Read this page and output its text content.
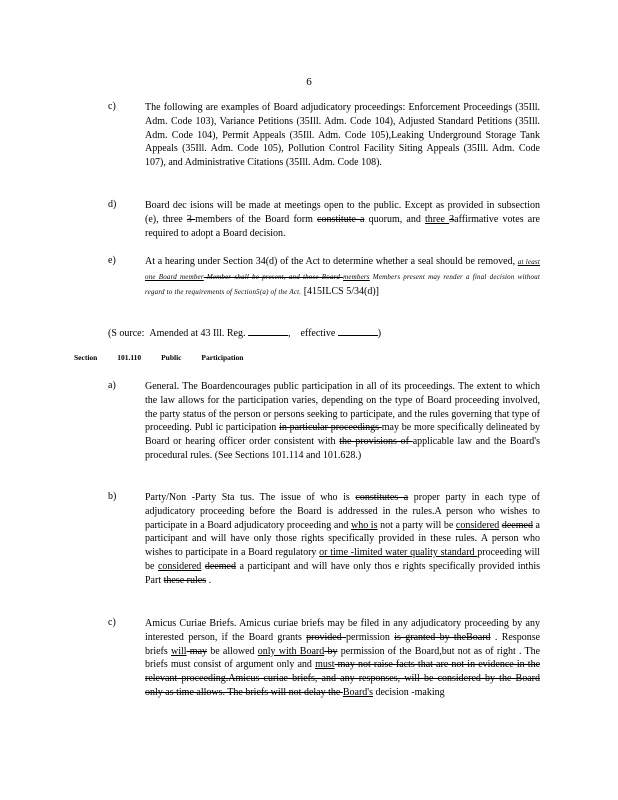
6
c)	The following are examples of Board adjudicatory proceedings: Enforcement Proceedings (35Ill. Adm. Code 103), Variance Petitions (35Ill. Adm. Code 104), Adjusted Standard Petitions (35Ill. Adm. Code 104), Permit Appeals (35Ill. Adm. Code 105),Leaking Underground Storage Tank Appeals (35Ill. Adm. Code 105), Pollution Control Facility Siting Appeals (35Ill. Adm. Code 107), and Administrative Citations (35Ill. Adm. Code 108).
d)	Board dec isions will be made at meetings open to the public. Except as provided in subsection (e), three 3-members of the Board form constitute a quorum, and three 3affirmative votes are required to adopt a Board decision.
e)	At a hearing under Section 34(d) of the Act to determine whether a seal should be removed, at least one Board member Member shall be present, and those Board members Members present may render a final decision without regard to the requirements of Section5(a) of the Act. [415ILCS 5/34(d)]
(S ource: Amended at 43 Ill. Reg.	,    effective	)
Section	101.110	Public	Participation
a)	General. The Boardencourages public participation in all of its proceedings. The extent to which the law allows for the participation varies, depending on the type of Board proceeding involved, the party status of the person or persons seeking to participate, and the rules governing that type of proceeding. Publ ic participation in particular proceedings may be more specifically delineated by Board or hearing officer order consistent with the provisions of applicable law and the Board's procedural rules. (See Sections 101.114 and 101.628.)
b)	Party/Non -Party Sta tus. The issue of who is constitutes a proper party in each type of adjudicatory proceeding before the Board is addressed in the rules.A person who wishes to participate in a Board adjudicatory proceeding and who is not a party will be considered deemed a participant and will have only those rights specifically provided in these rules. A person who wishes to participate in a Board regulatory or time -limited water quality standard proceeding will be considered deemed a participant and will have only thos e rights specifically provided inthis Part these rules .
c)	Amicus Curiae Briefs. Amicus curiae briefs may be filed in any adjudicatory proceeding by any interested person, if the Board grants provided permission is granted by theBoard . Response briefs will may be allowed only with Board by permission of the Board,but not as of right . The briefs must consist of argument only and must may not raise facts that are not in evidence in the relevant proceeding.Amicus curiae briefs, and any responses, will be considered by the Board only as time allows. The briefs will not delay the Board's decision -making
